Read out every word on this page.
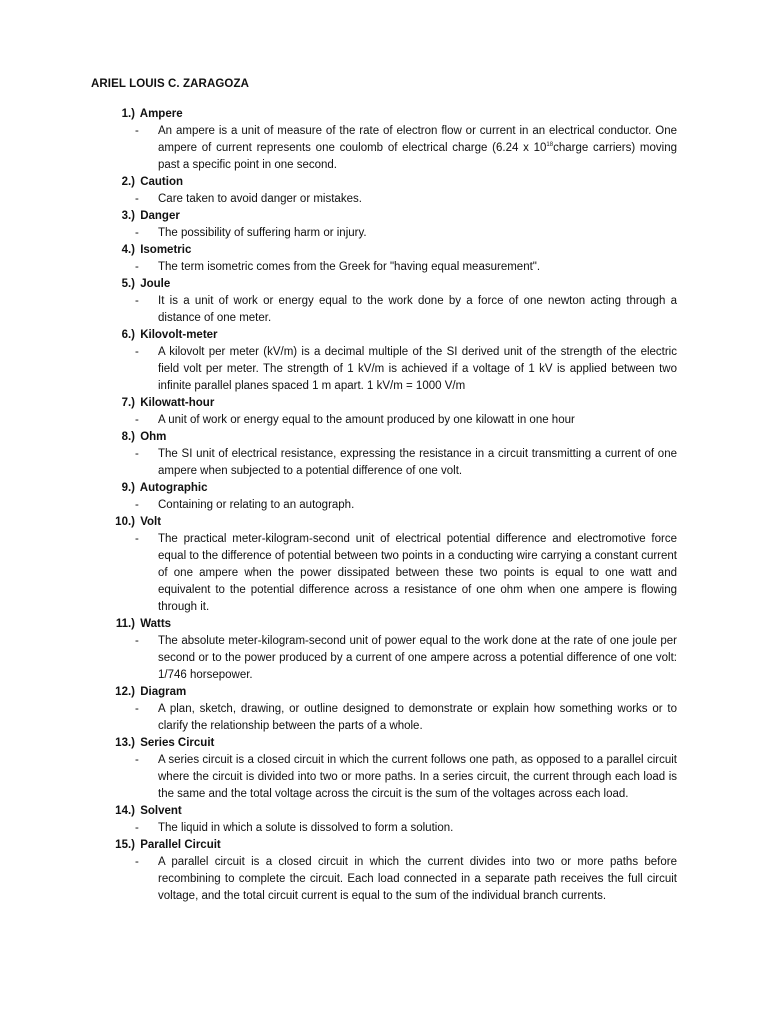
ARIEL LOUIS C. ZARAGOZA
1.) Ampere
- An ampere is a unit of measure of the rate of electron flow or current in an electrical conductor. One ampere of current represents one coulomb of electrical charge (6.24 x $10^{18}charge$ carriers) moving past a specific point in one second.
2.) Caution
- Care taken to avoid danger or mistakes.
3.) Danger
- The possibility of suffering harm or injury.
4.) Isometric
- The term isometric comes from the Greek for "having equal measurement".
5.) Joule
- It is a unit of work or energy equal to the work done by a force of one newton acting through a distance of one meter.
6.) Kilovolt-meter
- A kilovolt per meter (kV/m) is a decimal multiple of the SI derived unit of the strength of the electric field volt per meter. The strength of 1 kV/m is achieved if a voltage of 1 kV is applied between two infinite parallel planes spaced 1 m apart. 1 kV/m = 1000 V/m
7.) Kilowatt-hour
- A unit of work or energy equal to the amount produced by one kilowatt in one hour
8.) Ohm
- The SI unit of electrical resistance, expressing the resistance in a circuit transmitting a current of one ampere when subjected to a potential difference of one volt.
9.) Autographic
- Containing or relating to an autograph.
10.) Volt
- The practical meter-kilogram-second unit of electrical potential difference and electromotive force equal to the difference of potential between two points in a conducting wire carrying a constant current of one ampere when the power dissipated between these two points is equal to one watt and equivalent to the potential difference across a resistance of one ohm when one ampere is flowing through it.
11.) Watts
- The absolute meter-kilogram-second unit of power equal to the work done at the rate of one joule per second or to the power produced by a current of one ampere across a potential difference of one volt: 1/746 horsepower.
12.) Diagram
- A plan, sketch, drawing, or outline designed to demonstrate or explain how something works or to clarify the relationship between the parts of a whole.
13.) Series Circuit
- A series circuit is a closed circuit in which the current follows one path, as opposed to a parallel circuit where the circuit is divided into two or more paths. In a series circuit, the current through each load is the same and the total voltage across the circuit is the sum of the voltages across each load.
14.) Solvent
- The liquid in which a solute is dissolved to form a solution.
15.) Parallel Circuit
- A parallel circuit is a closed circuit in which the current divides into two or more paths before recombining to complete the circuit. Each load connected in a separate path receives the full circuit voltage, and the total circuit current is equal to the sum of the individual branch currents.
